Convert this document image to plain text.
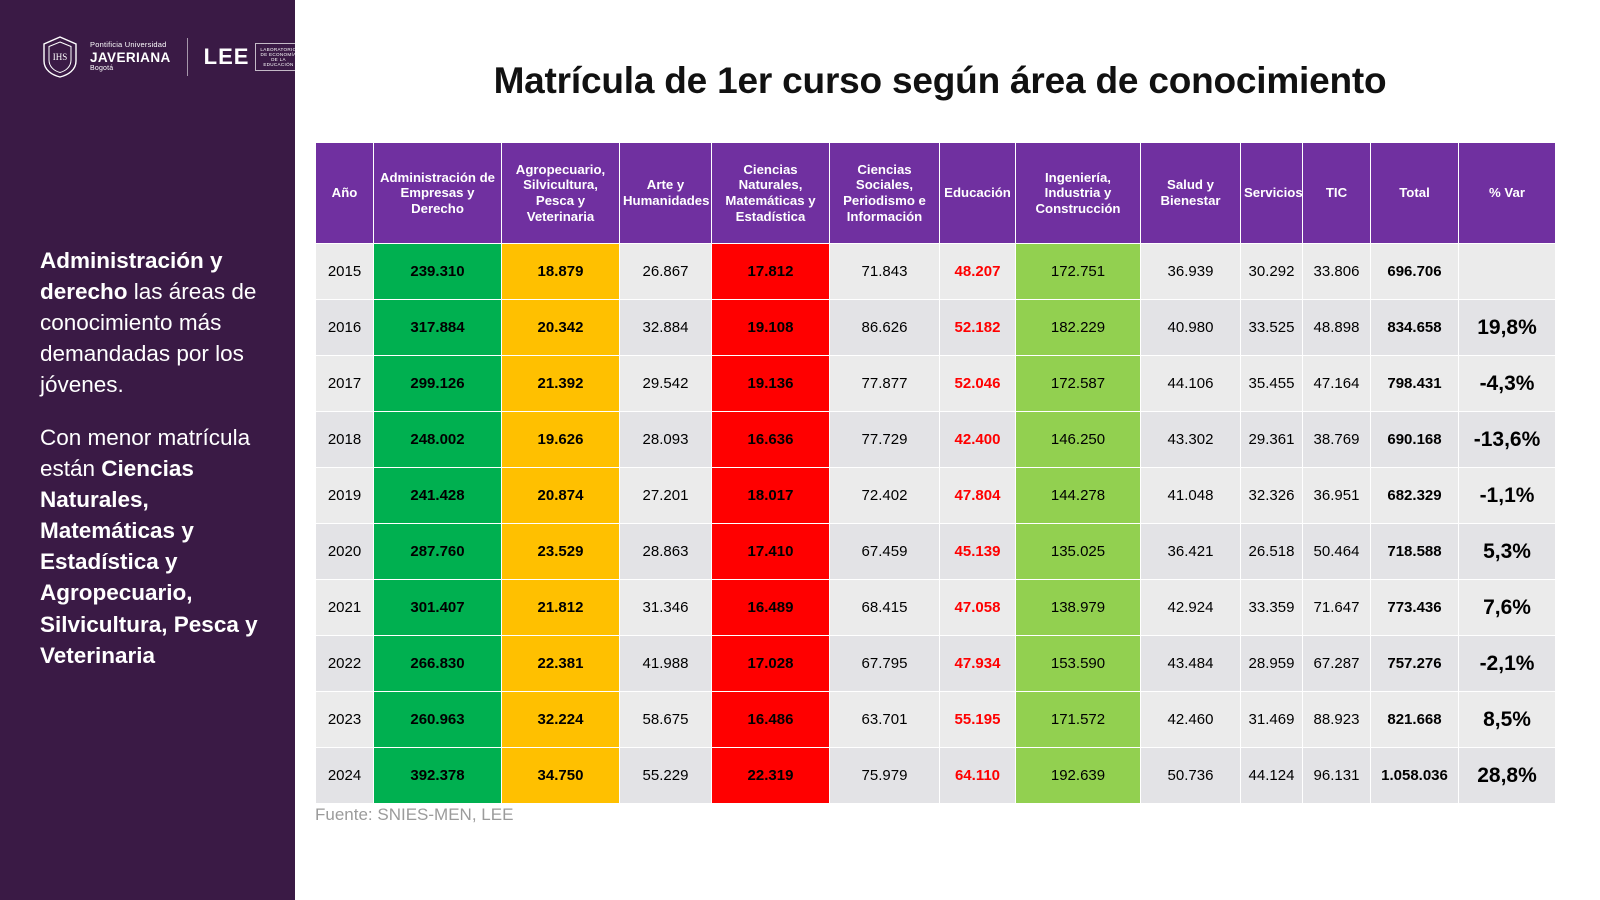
IHS
Pontificia Universidad
JAVERIANA
Bogotá	LEE LABORATORIO
DE ECONOMÍA
DE LA EDUCACIÓN

Administración y derecho las áreas de conocimiento más demandadas por los jóvenes.

Con menor matrícula están Ciencias Naturales, Matemáticas y Estadística y Agropecuario, Silvicultura, Pesca y Veterinaria

Matrícula de 1er curso según área de conocimiento
Año	Administración de Empresas y Derecho	Agropecuario, Silvicultura, Pesca y Veterinaria	Arte y Humanidades	Ciencias Naturales, Matemáticas y Estadística	Ciencias Sociales, Periodismo e Información	Educación	Ingeniería, Industria y Construcción	Salud y Bienestar	Servicios	TIC	Total	% Var
2015	239.310	18.879	26.867	17.812	71.843	48.207	172.751	36.939	30.292	33.806	696.706	
2016	317.884	20.342	32.884	19.108	86.626	52.182	182.229	40.980	33.525	48.898	834.658	19,8%
2017	299.126	21.392	29.542	19.136	77.877	52.046	172.587	44.106	35.455	47.164	798.431	-4,3%
2018	248.002	19.626	28.093	16.636	77.729	42.400	146.250	43.302	29.361	38.769	690.168	-13,6%
2019	241.428	20.874	27.201	18.017	72.402	47.804	144.278	41.048	32.326	36.951	682.329	-1,1%
2020	287.760	23.529	28.863	17.410	67.459	45.139	135.025	36.421	26.518	50.464	718.588	5,3%
2021	301.407	21.812	31.346	16.489	68.415	47.058	138.979	42.924	33.359	71.647	773.436	7,6%
2022	266.830	22.381	41.988	17.028	67.795	47.934	153.590	43.484	28.959	67.287	757.276	-2,1%
2023	260.963	32.224	58.675	16.486	63.701	55.195	171.572	42.460	31.469	88.923	821.668	8,5%
2024	392.378	34.750	55.229	22.319	75.979	64.110	192.639	50.736	44.124	96.131	1.058.036	28,8%
Fuente: SNIES-MEN, LEE
